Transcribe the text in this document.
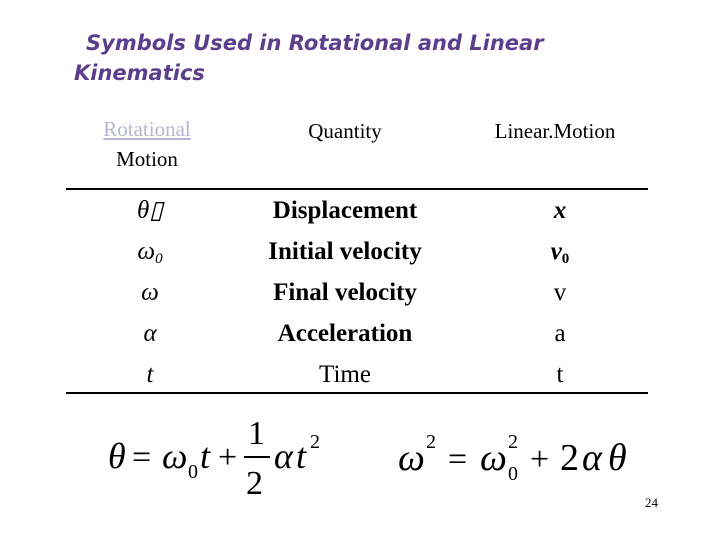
Symbols Used in Rotational and Linear
Kinematics
Rotational
Motion
Quantity	Linear.Motion
θ▯	Displacement	x
$\omega_0$	Initial velocity	$v_0$
ω	Final velocity	v
α	Acceleration	a
t	Time	t
θ = ω 0 t +
1
2
α t 2 ω 2 = ω 2
0 + 2 α θ
24
